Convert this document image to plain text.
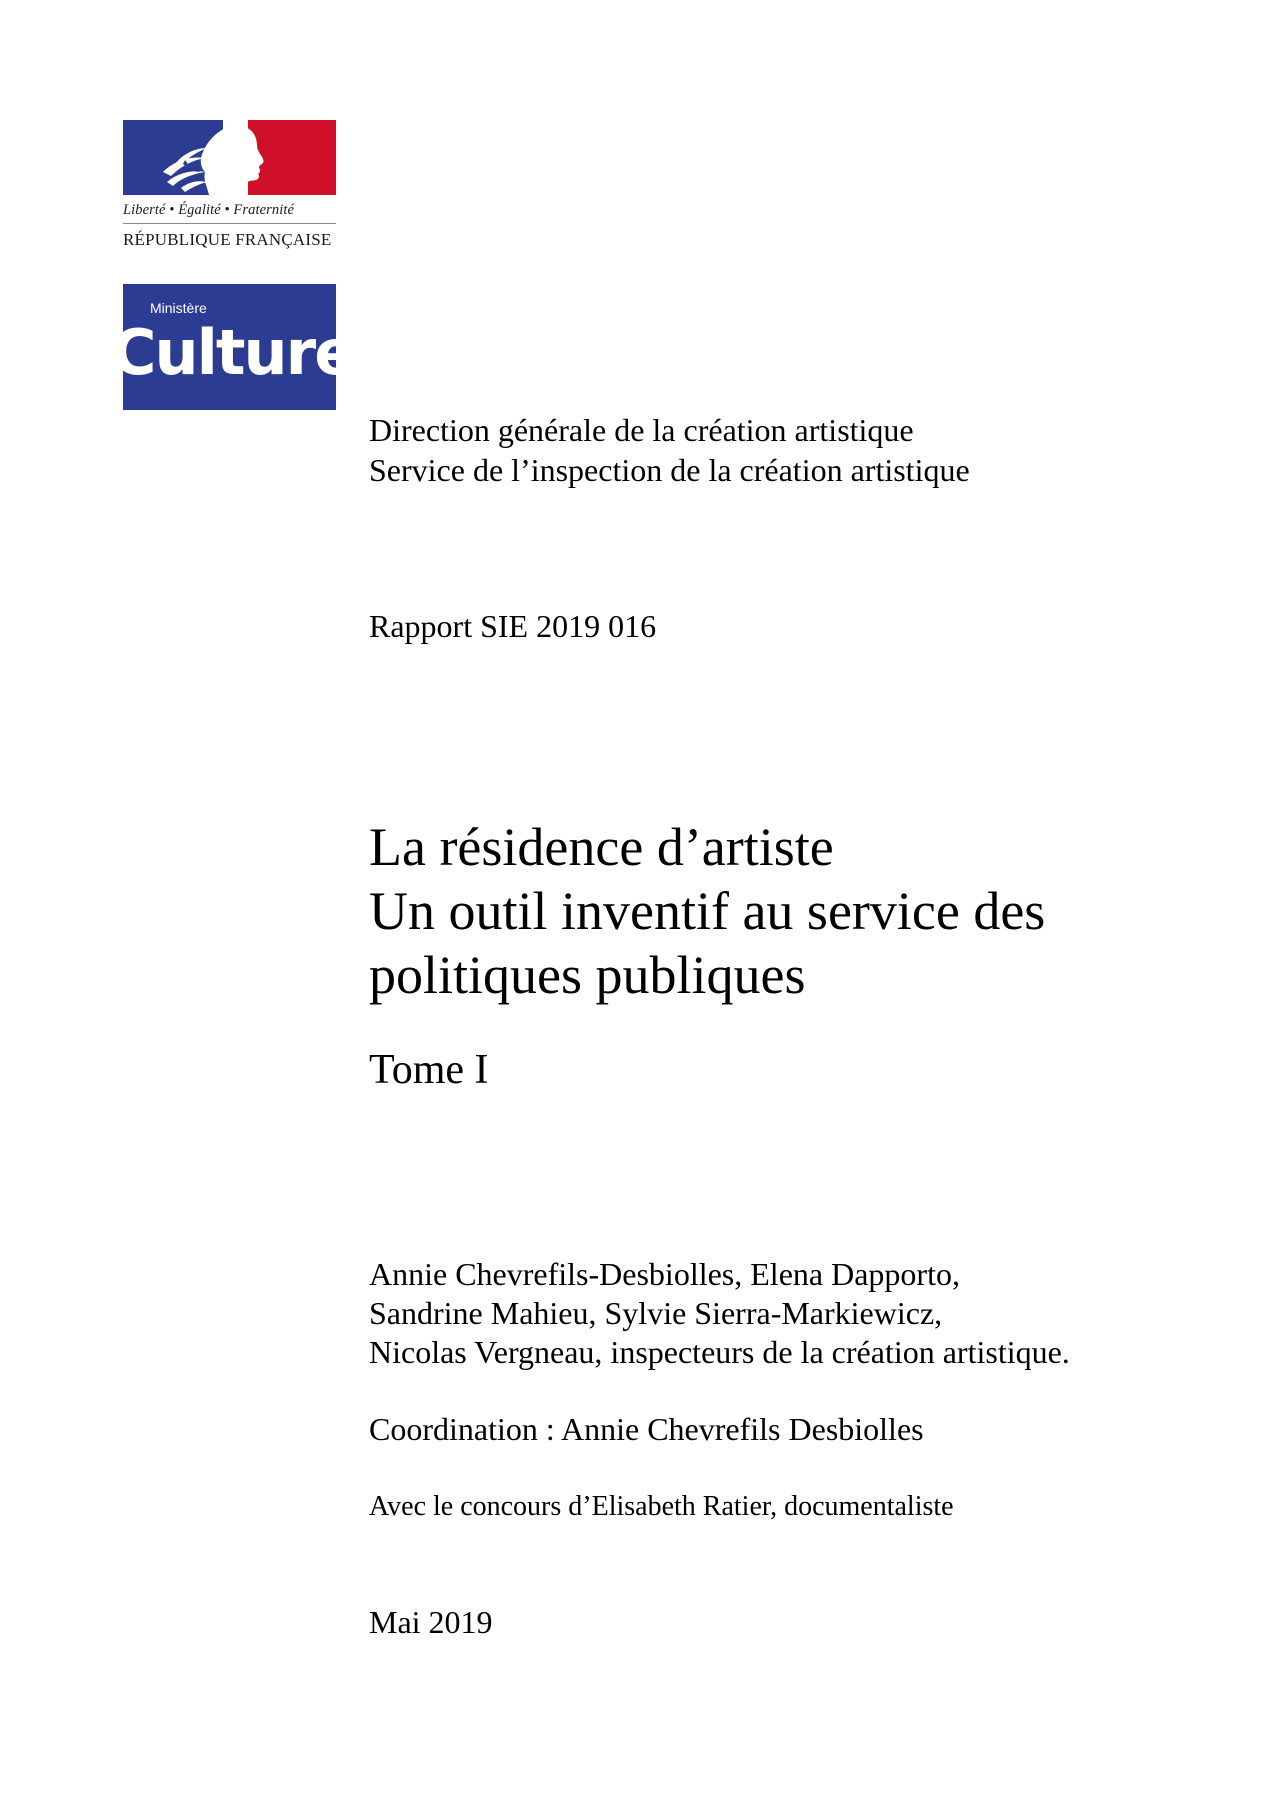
Liberté • Égalité • Fraternité
RÉPUBLIQUE FRANÇAISE
Ministère
Culture
Direction générale de la création artistique
Service de l’inspection de la création artistique
Rapport SIE 2019 016
La résidence d’artiste
Un outil inventif au service des
politiques publiques
Tome I
Annie Chevrefils-Desbiolles, Elena Dapporto,
Sandrine Mahieu, Sylvie Sierra-Markiewicz,
Nicolas Vergneau, inspecteurs de la création artistique.
Coordination : Annie Chevrefils Desbiolles
Avec le concours d’Elisabeth Ratier, documentaliste
Mai 2019
